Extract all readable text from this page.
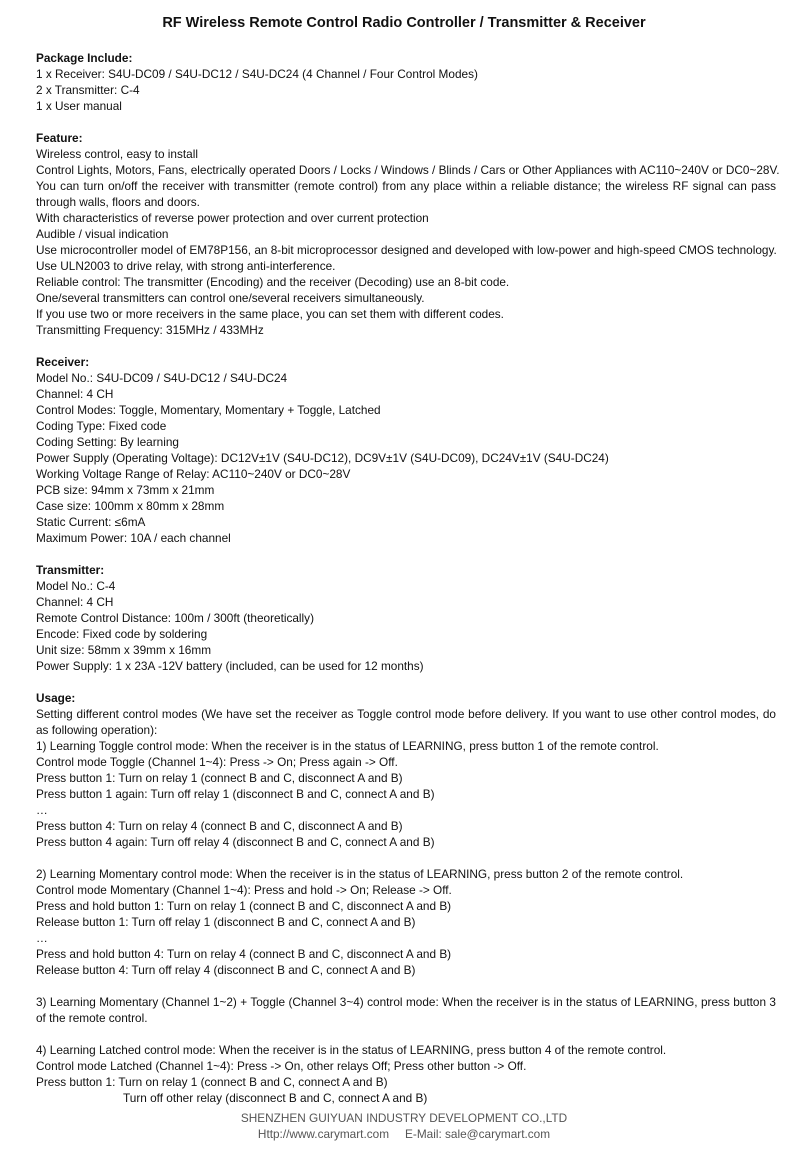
RF Wireless Remote Control Radio Controller / Transmitter & Receiver
Package Include:
1 x Receiver: S4U-DC09 / S4U-DC12 / S4U-DC24 (4 Channel / Four Control Modes)
2 x Transmitter: C-4
1 x User manual
Feature:
Wireless control, easy to install
Control Lights, Motors, Fans, electrically operated Doors / Locks / Windows / Blinds / Cars or Other Appliances with AC110~240V or DC0~28V.
You can turn on/off the receiver with transmitter (remote control) from any place within a reliable distance; the wireless RF signal can pass through walls, floors and doors.
With characteristics of reverse power protection and over current protection
Audible / visual indication
Use microcontroller model of EM78P156, an 8-bit microprocessor designed and developed with low-power and high-speed CMOS technology.
Use ULN2003 to drive relay, with strong anti-interference.
Reliable control: The transmitter (Encoding) and the receiver (Decoding) use an 8-bit code.
One/several transmitters can control one/several receivers simultaneously.
If you use two or more receivers in the same place, you can set them with different codes.
Transmitting Frequency: 315MHz / 433MHz
Receiver:
Model No.: S4U-DC09 / S4U-DC12 / S4U-DC24
Channel: 4 CH
Control Modes: Toggle, Momentary, Momentary + Toggle, Latched
Coding Type: Fixed code
Coding Setting: By learning
Power Supply (Operating Voltage): DC12V±1V (S4U-DC12), DC9V±1V (S4U-DC09), DC24V±1V (S4U-DC24)
Working Voltage Range of Relay: AC110~240V or DC0~28V
PCB size: 94mm x 73mm x 21mm
Case size: 100mm x 80mm x 28mm
Static Current: ≤6mA
Maximum Power: 10A / each channel
Transmitter:
Model No.: C-4
Channel: 4 CH
Remote Control Distance: 100m / 300ft (theoretically)
Encode: Fixed code by soldering
Unit size: 58mm x 39mm x 16mm
Power Supply: 1 x 23A -12V battery (included, can be used for 12 months)
Usage:
Setting different control modes (We have set the receiver as Toggle control mode before delivery. If you want to use other control modes, do as following operation):
1) Learning Toggle control mode: When the receiver is in the status of LEARNING, press button 1 of the remote control.
Control mode Toggle (Channel 1~4): Press -> On; Press again -> Off.
Press button 1: Turn on relay 1 (connect B and C, disconnect A and B)
Press button 1 again: Turn off relay 1 (disconnect B and C, connect A and B)
…
Press button 4: Turn on relay 4 (connect B and C, disconnect A and B)
Press button 4 again: Turn off relay 4 (disconnect B and C, connect A and B)
2) Learning Momentary control mode: When the receiver is in the status of LEARNING, press button 2 of the remote control.
Control mode Momentary (Channel 1~4): Press and hold -> On; Release -> Off.
Press and hold button 1: Turn on relay 1 (connect B and C, disconnect A and B)
Release button 1: Turn off relay 1 (disconnect B and C, connect A and B)
…
Press and hold button 4: Turn on relay 4 (connect B and C, disconnect A and B)
Release button 4: Turn off relay 4 (disconnect B and C, connect A and B)
3) Learning Momentary (Channel 1~2) + Toggle (Channel 3~4) control mode: When the receiver is in the status of LEARNING, press button 3 of the remote control.
4) Learning Latched control mode: When the receiver is in the status of LEARNING, press button 4 of the remote control.
Control mode Latched (Channel 1~4): Press -> On, other relays Off; Press other button -> Off.
Press button 1: Turn on relay 1 (connect B and C, connect A and B)
Turn off other relay (disconnect B and C, connect A and B)
SHENZHEN GUIYUAN INDUSTRY DEVELOPMENT CO.,LTD
Http://www.carymart.com E-Mail: sale@carymart.com
